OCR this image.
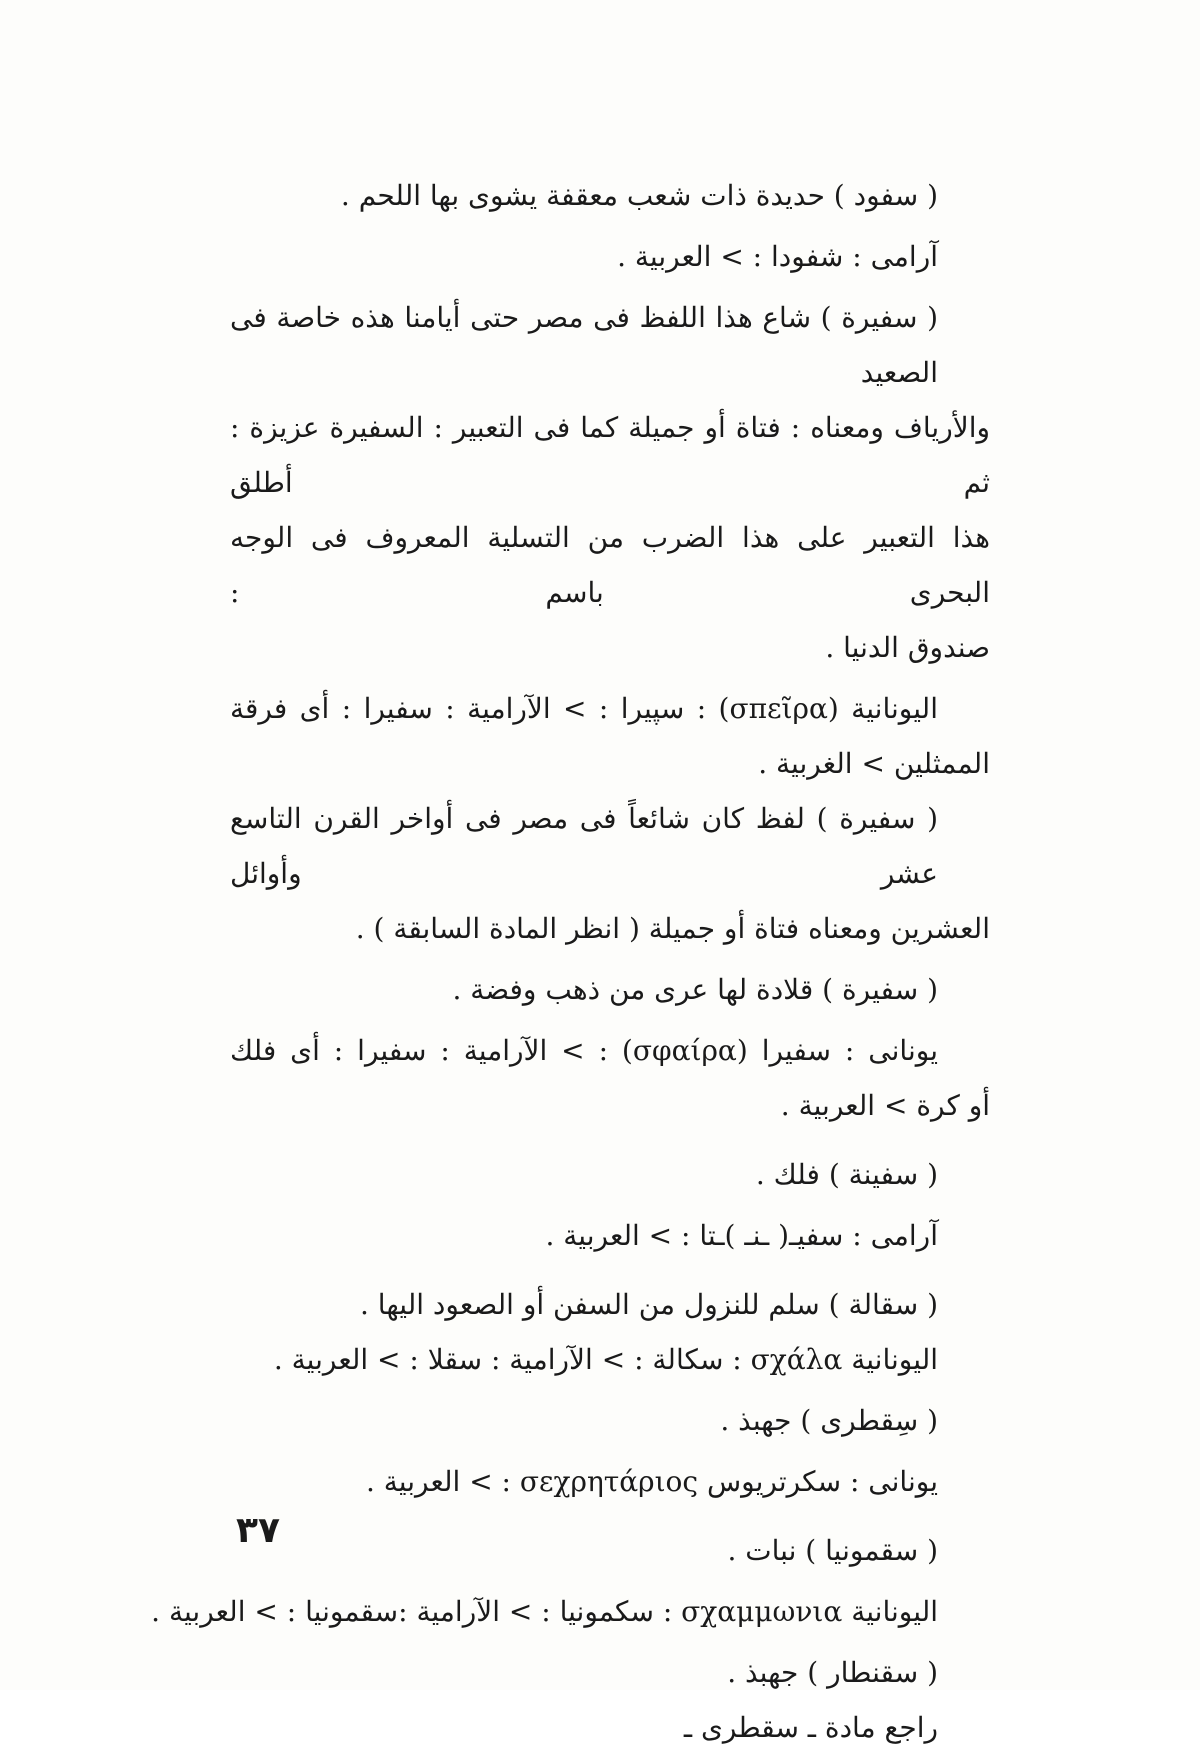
( سفود ) حديدة ذات شعب معقفة يشوى بها اللحم .
آرامى : شفودا : > العربية .
( سفيرة ) شاع هذا اللفظ فى مصر حتى أيامنا هذه خاصة فى الصعيد
والأرياف ومعناه : فتاة أو جميلة كما فى التعبير : السفيرة عزيزة : ثم أطلق
هذا التعبير على هذا الضرب من التسلية المعروف فى الوجه البحرى باسم :
صندوق الدنيا .
اليونانية (σπεῖρα) : سپيرا : > الآرامية : سفيرا : أى فرقة
الممثلين > الغربية .
( سفيرة ) لفظ كان شائعاً فى مصر فى أواخر القرن التاسع عشر وأوائل
العشرين ومعناه فتاة أو جميلة ( انظر المادة السابقة ) .
( سفيرة ) قلادة لها عرى من ذهب وفضة .
يونانى : سفيرا (σφαίρα) : > الآرامية : سفيرا : أى فلك
أو كرة > العربية .
( سفينة ) فلك .
آرامى : سفيـ( ـنـ )ـتا : > العربية .
( سقالة ) سلم للنزول من السفن أو الصعود اليها .
اليونانية σχάλα : سكالة : > الآرامية : سقلا : > العربية .
( سِقطرى ) جهبذ .
يونانى : سكرتريوس σεχρητάριος : > العربية .
( سقمونيا ) نبات .
اليونانية σχαμμωνια : سكمونيا : > الآرامية :سقمونيا : > العربية .
( سقنطار ) جهبذ .
راجع مادة ـ سقطرى ـ
٣٧
